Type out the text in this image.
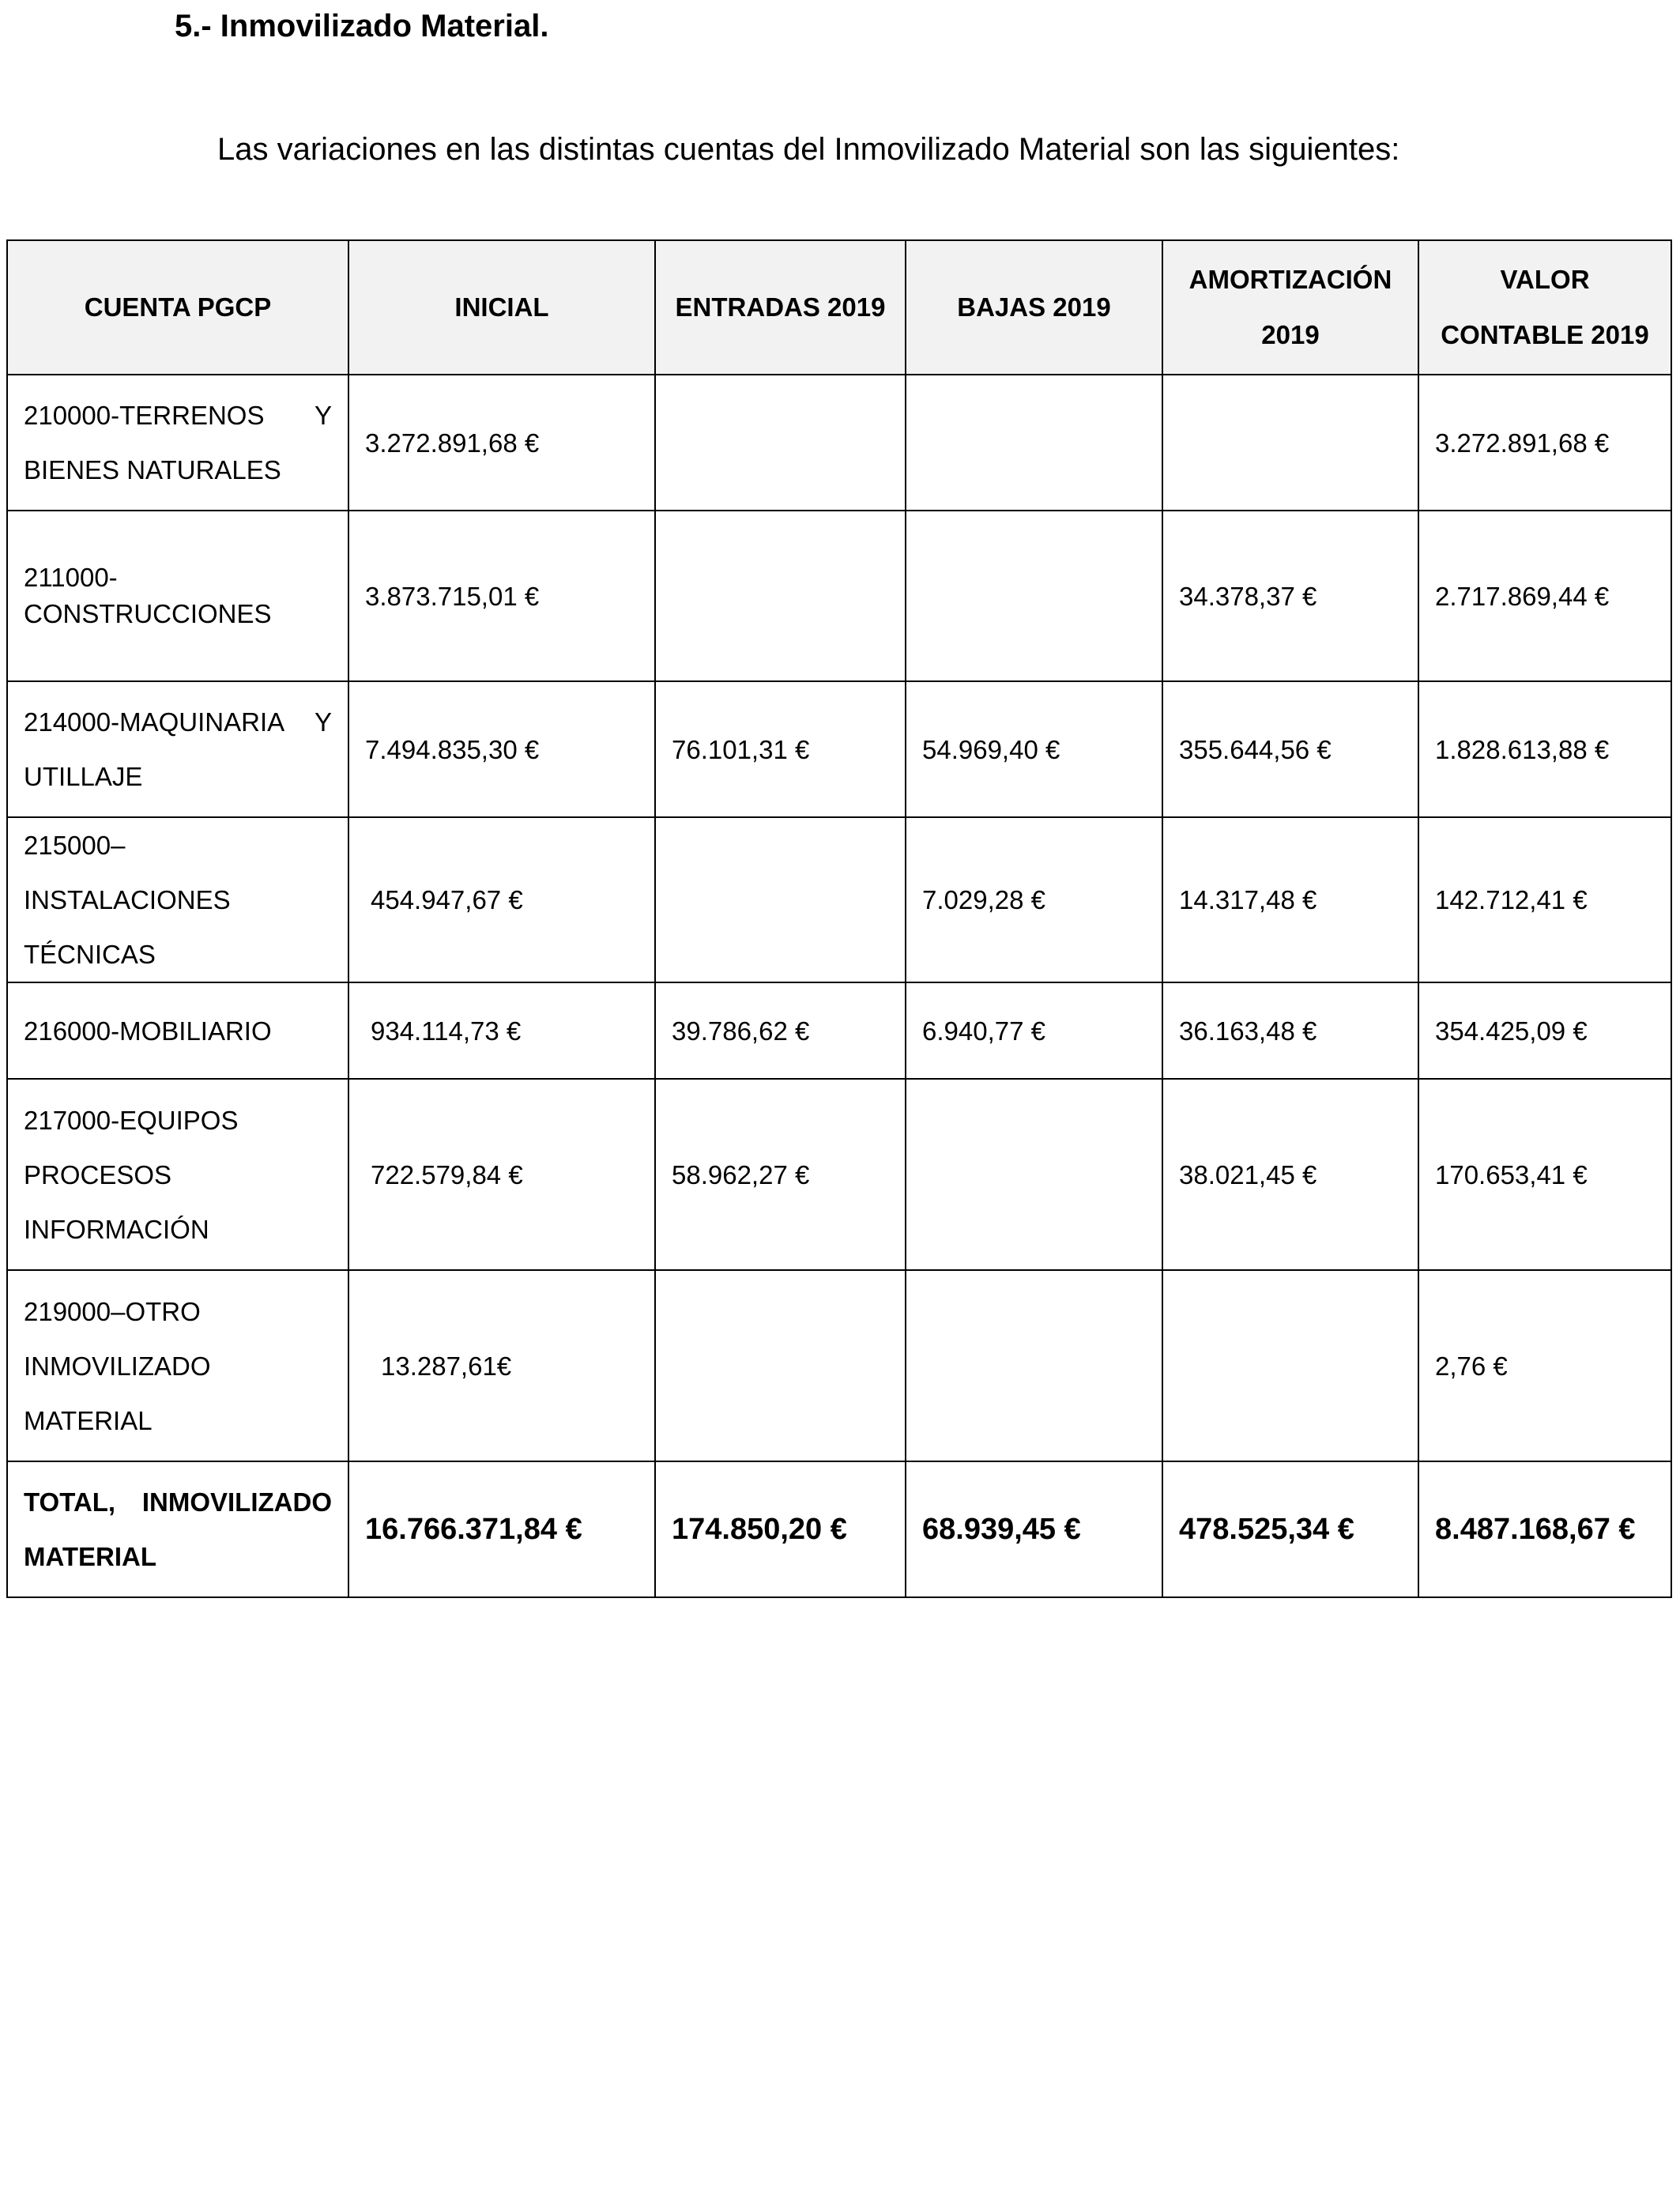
5.- Inmovilizado Material.

Las variaciones en las distintas cuentas del Inmovilizado Material son las siguientes:

CUENTA PGCP	INICIAL	ENTRADAS 2019	BAJAS 2019	AMORTIZACIÓN 2019	VALOR CONTABLE 2019
210000-TERRENOS Y BIENES NATURALES	3.272.891,68 €				3.272.891,68 €
211000- CONSTRUCCIONES	3.873.715,01 €			34.378,37 €	2.717.869,44 €
214000-MAQUINARIA Y UTILLAJE	7.494.835,30 €	76.101,31 €	54.969,40 €	355.644,56 €	1.828.613,88 €
215000–INSTALACIONES TÉCNICAS	454.947,67 €		7.029,28 €	14.317,48 €	142.712,41 €
216000-MOBILIARIO	934.114,73 €	39.786,62 €	6.940,77 €	36.163,48 €	354.425,09 €
217000-EQUIPOS PROCESOS INFORMACIÓN	722.579,84 €	58.962,27 €		38.021,45 €	170.653,41 €
219000–OTRO INMOVILIZADO MATERIAL	13.287,61€				2,76 €
TOTAL, INMOVILIZADO MATERIAL	16.766.371,84 €	174.850,20 €	68.939,45 €	478.525,34 €	8.487.168,67 €
